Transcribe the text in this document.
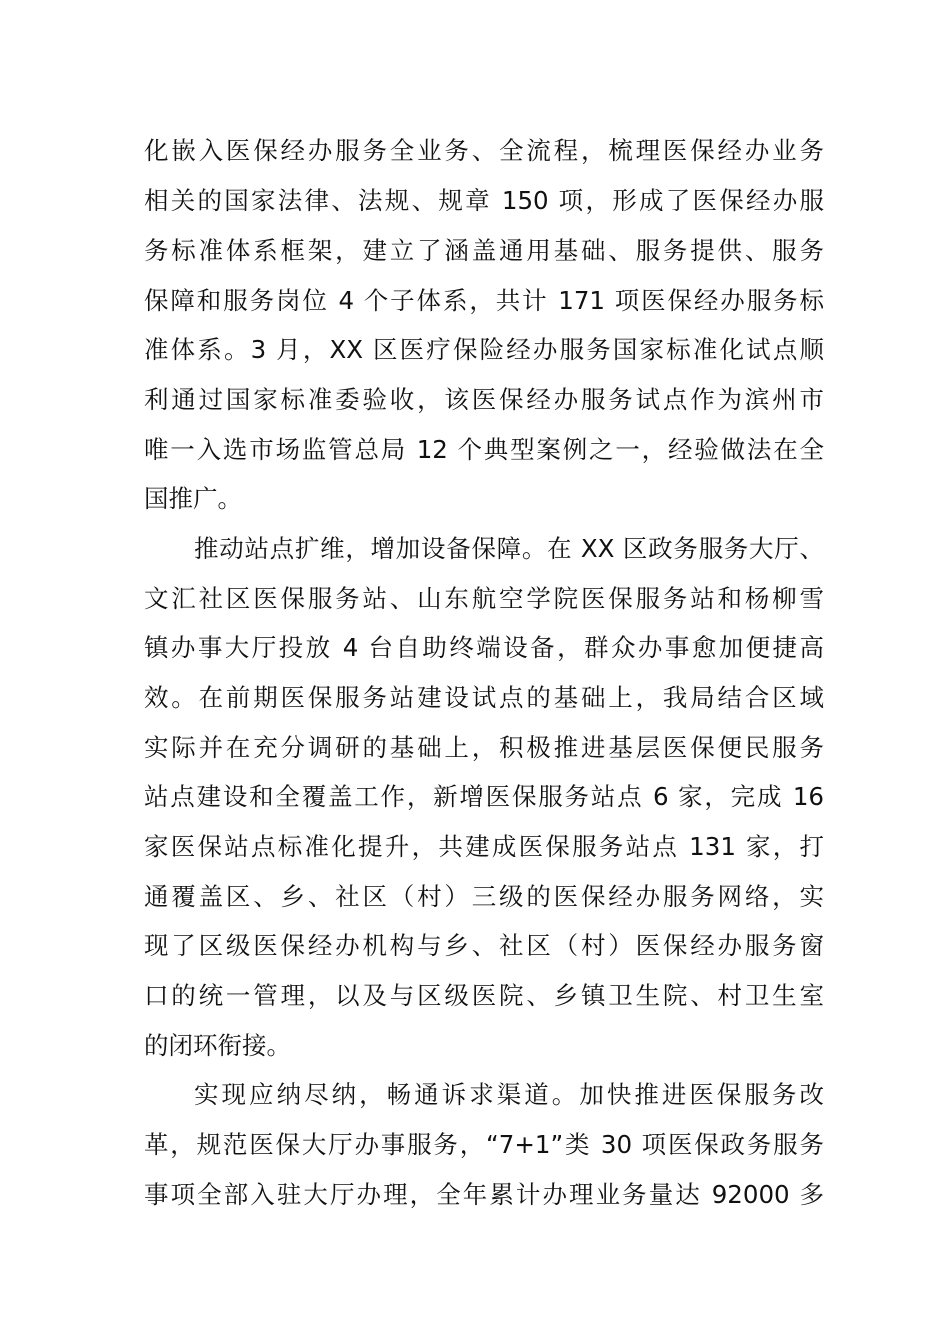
化嵌入医保经办服务全业务、全流程，梳理医保经办业务
相关的国家法律、法规、规章 150 项，形成了医保经办服
务标准体系框架，建立了涵盖通用基础、服务提供、服务
保障和服务岗位 4 个子体系，共计 171 项医保经办服务标
准体系。3 月，XX 区医疗保险经办服务国家标准化试点顺
利通过国家标准委验收，该医保经办服务试点作为滨州市
唯一入选市场监管总局 12 个典型案例之一，经验做法在全
国推广。
推动站点扩维，增加设备保障。在 XX 区政务服务大厅、
文汇社区医保服务站、山东航空学院医保服务站和杨柳雪
镇办事大厅投放 4 台自助终端设备，群众办事愈加便捷高
效。在前期医保服务站建设试点的基础上，我局结合区域
实际并在充分调研的基础上，积极推进基层医保便民服务
站点建设和全覆盖工作，新增医保服务站点 6 家，完成 16
家医保站点标准化提升，共建成医保服务站点 131 家，打
通覆盖区、乡、社区（村）三级的医保经办服务网络，实
现了区级医保经办机构与乡、社区（村）医保经办服务窗
口的统一管理，以及与区级医院、乡镇卫生院、村卫生室
的闭环衔接。
实现应纳尽纳，畅通诉求渠道。加快推进医保服务改
革，规范医保大厅办事服务，“7+1”类 30 项医保政务服务
事项全部入驻大厅办理，全年累计办理业务量达 92000 多
